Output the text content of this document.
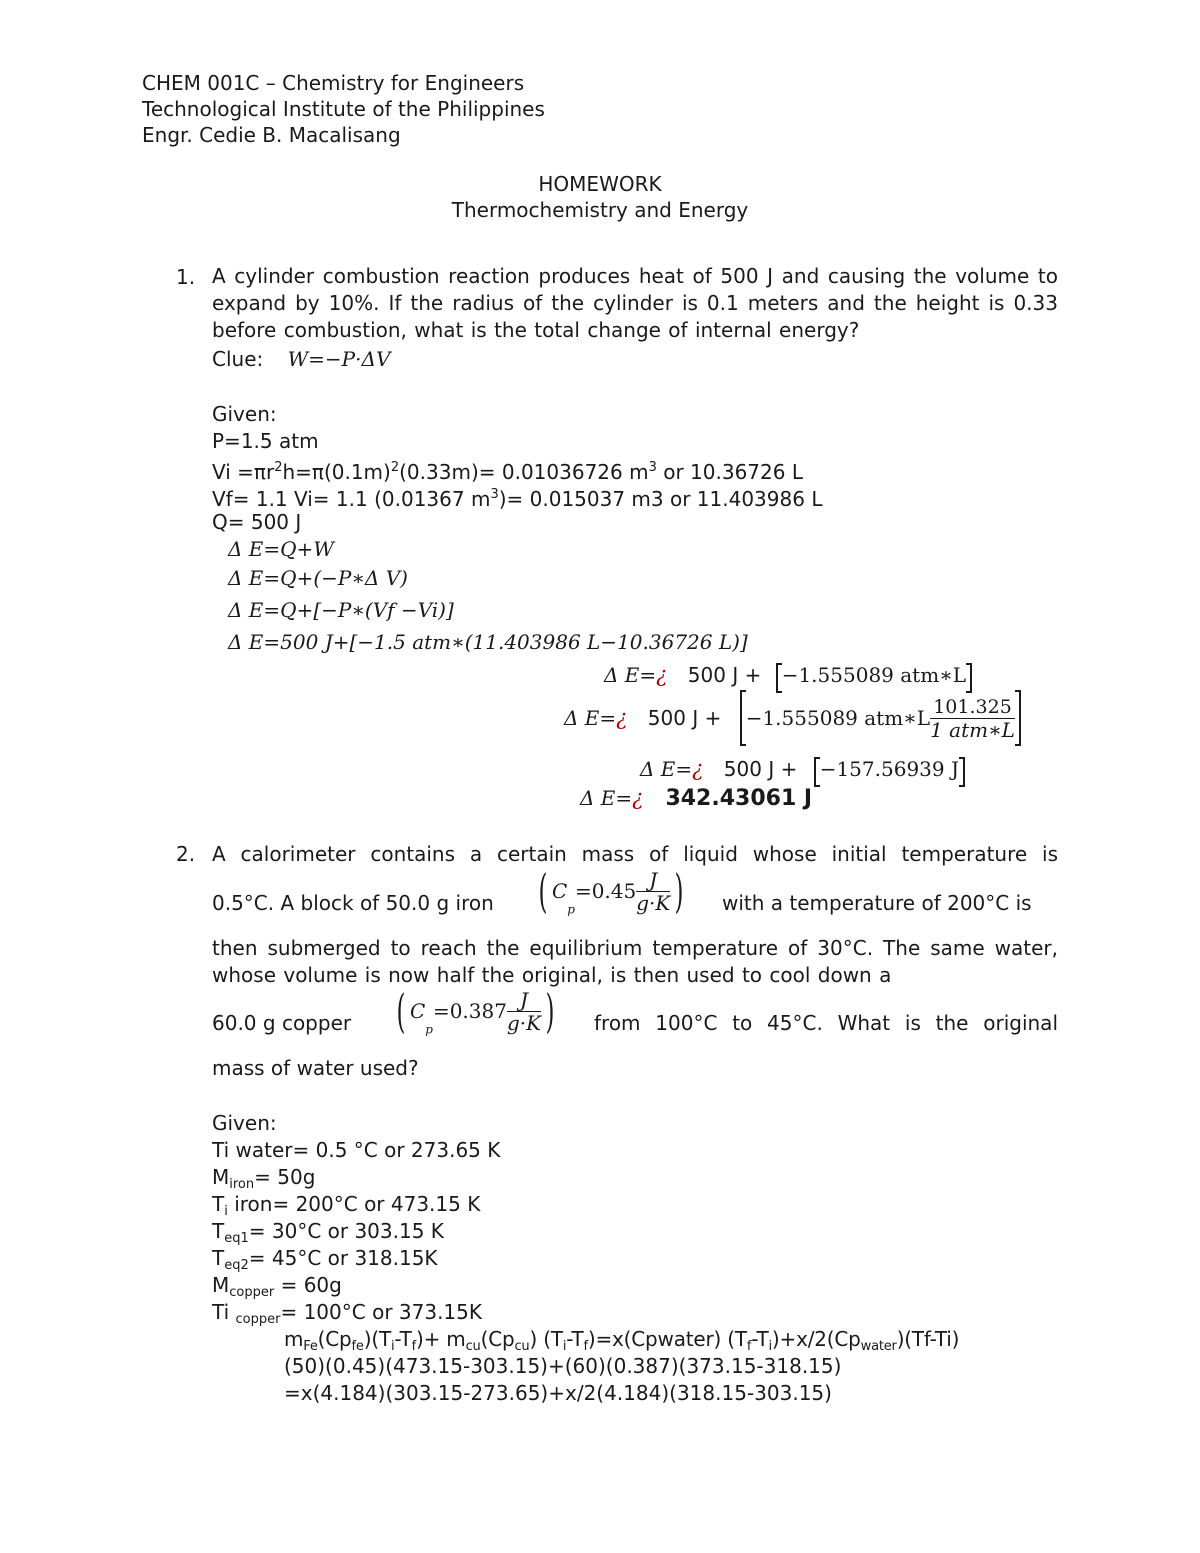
CHEM 001C – Chemistry for Engineers
Technological Institute of the Philippines
Engr. Cedie B. Macalisang
HOMEWORK
Thermochemistry and Energy
1. A cylinder combustion reaction produces heat of 500 J and causing the volume to expand by 10%. If the radius of the cylinder is 0.1 meters and the height is 0.33 before combustion, what is the total change of internal energy?
Clue: W=−P·ΔV
Given:
P=1.5 atm
$Vi =\pi r^2h=\pi(0.1m)^2(0.33m)= 0.01036726$ $m^3$ or 10.36726 L
Vf= 1.1 Vi= 1.1 (0.01367 $m^3)= 0.015037$ m3 or 11.403986 L
Q= 500 J
Δ E=Q+W
Δ E=Q+(−P∗Δ V)
Δ E=Q+[−P∗(Vf −Vi)]
Δ E=500 J+[−1.5 atm∗(11.403986 L−10.36726 L)]
Δ E=¿ 500 J + −1.555089 atm∗L
Δ E=¿ 500 J + −1.555089 atm∗L $\frac{101.325}{\text{1 atm∗L}}$
Δ E=¿ 500 J + −157.56939 J
Δ E=¿ 342.43061 J
2. A calorimeter contains a certain mass of liquid whose initial temperature is
0.5°C. A block of 50.0 g iron ( $C_p=0.45 \frac{J}{g\cdot K}$ ) with a temperature of 200°C is
then submerged to reach the equilibrium temperature of 30°C. The same water, whose volume is now half the original, is then used to cool down a
60.0 g copper ( $C_p=0.387 \frac{J}{g\cdot K}$ ) from 100°C to 45°C. What is the original
mass of water used?
Given:
Ti water= 0.5 °C or 273.65 K
$M_{iron}= 50g$
$T_i$ iron= 200°C or 473.15 K
$T_{eq1}= 30^\circ C$ or 303.15 K
$T_{eq2}= 45^\circ C$ or 318.15K
$M_{copper} = 60g$
Ti $_{copper}$= 100°C or 373.15K
$m_{Fe}(Cp_{fe})(T_i-T_f)+ m_{cu}(Cp_{cu})$ $(T_i-T_f)=x(Cpwater)$ $(T_f-T_i)+x/2(Cp_{water})(Tf-Ti)$
(50)(0.45)(473.15-303.15)+(60)(0.387)(373.15-318.15)
=x(4.184)(303.15-273.65)+x/2(4.184)(318.15-303.15)
